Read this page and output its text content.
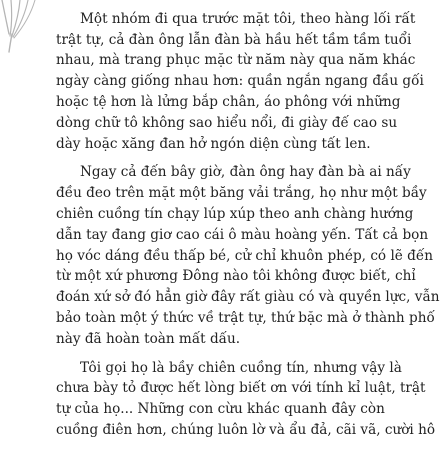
Một nhóm đi qua trước mặt tôi, theo hàng lối rất
trật tự, cả đàn ông lẫn đàn bà hầu hết tầm tầm tuổi
nhau, mà trang phục mặc từ năm này qua năm khác
ngày càng giống nhau hơn: quần ngắn ngang đầu gối
hoặc tệ hơn là lửng bắp chân, áo phông với những
dòng chữ tô không sao hiểu nổi, đi giày đế cao su
dày hoặc xăng đan hở ngón diện cùng tất len.

Ngay cả đến bây giờ, đàn ông hay đàn bà ai nấy
đều đeo trên mặt một băng vải trắng, họ như một bầy
chiên cuồng tín chạy lúp xúp theo anh chàng hướng
dẫn tay đang giơ cao cái ô màu hoàng yến. Tất cả bọn
họ vóc dáng đều thấp bé, cử chỉ khuôn phép, có lẽ đến
từ một xứ phương Đông nào tôi không được biết, chỉ
đoán xứ sở đó hẳn giờ đây rất giàu có và quyền lực, vẫn
bảo toàn một ý thức về trật tự, thứ bặc mà ở thành phố
này đã hoàn toàn mất dấu.

Tôi gọi họ là bầy chiên cuồng tín, nhưng vậy là
chưa bày tỏ được hết lòng biết ơn với tính kỉ luật, trật
tự của họ... Những con cừu khác quanh đây còn
cuồng điên hơn, chúng luôn lờ và ẩu đả, cãi vã, cười hô
